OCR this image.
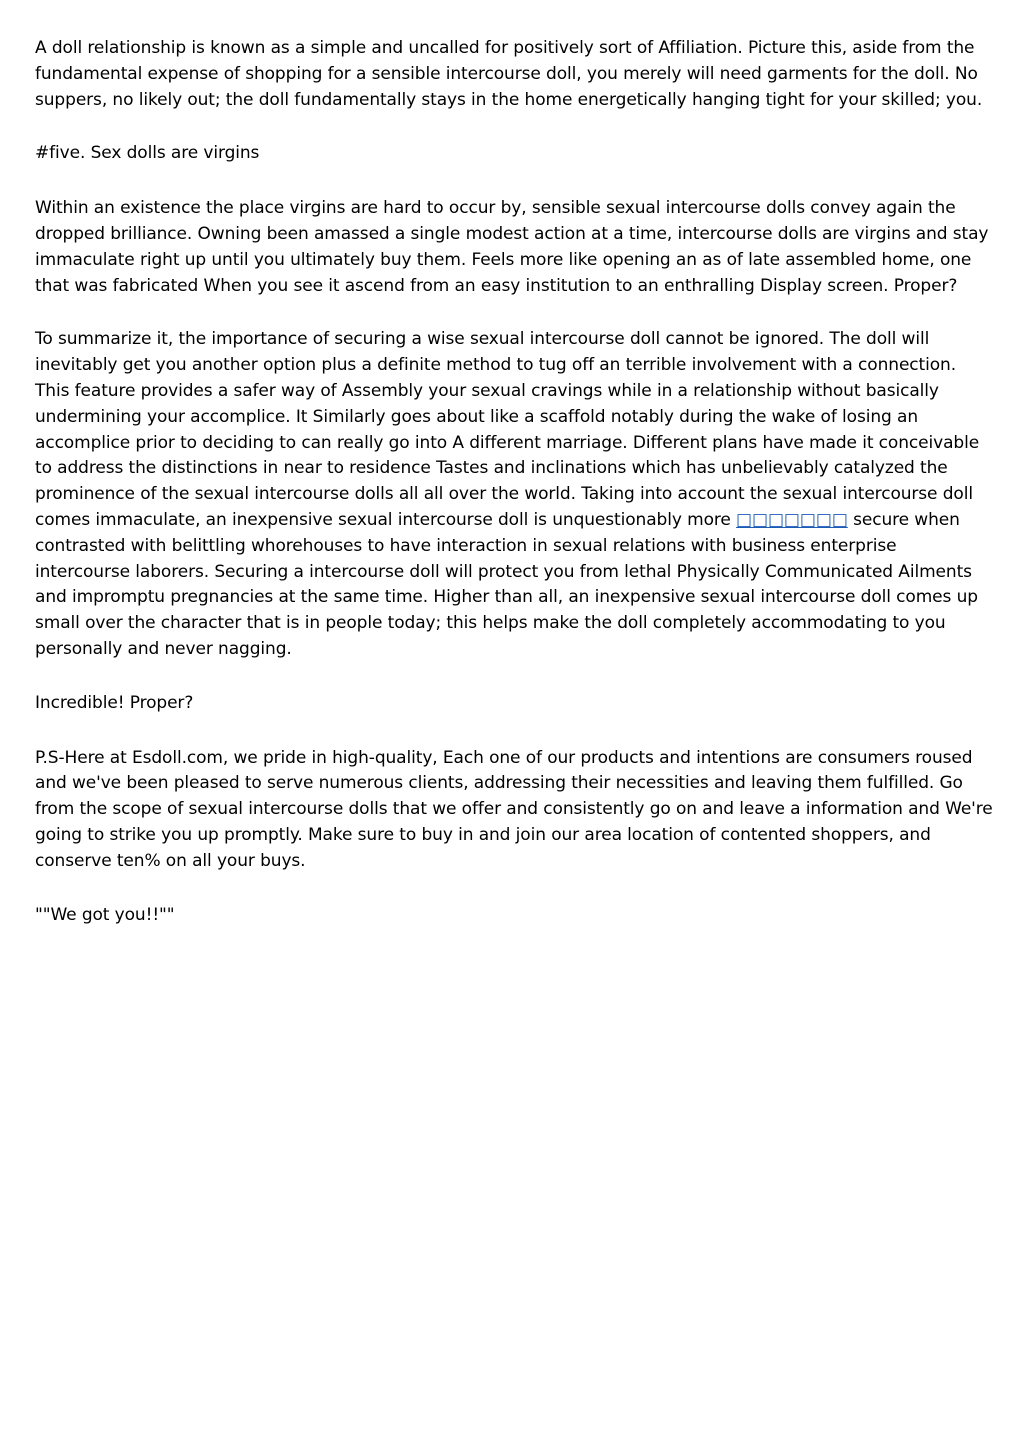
A doll relationship is known as a simple and uncalled for positively sort of Affiliation. Picture this, aside from the fundamental expense of shopping for a sensible intercourse doll, you merely will need garments for the doll. No suppers, no likely out; the doll fundamentally stays in the home energetically hanging tight for your skilled; you.

#five. Sex dolls are virgins

Within an existence the place virgins are hard to occur by, sensible sexual intercourse dolls convey again the dropped brilliance. Owning been amassed a single modest action at a time, intercourse dolls are virgins and stay immaculate right up until you ultimately buy them. Feels more like opening an as of late assembled home, one that was fabricated When you see it ascend from an easy institution to an enthralling Display screen. Proper?

To summarize it, the importance of securing a wise sexual intercourse doll cannot be ignored. The doll will inevitably get you another option plus a definite method to tug off an terrible involvement with a connection. This feature provides a safer way of Assembly your sexual cravings while in a relationship without basically undermining your accomplice. It Similarly goes about like a scaffold notably during the wake of losing an accomplice prior to deciding to can really go into A different marriage. Different plans have made it conceivable to address the distinctions in near to residence Tastes and inclinations which has unbelievably catalyzed the prominence of the sexual intercourse dolls all all over the world. Taking into account the sexual intercourse doll comes immaculate, an inexpensive sexual intercourse doll is unquestionably more □□□□□□□ secure when contrasted with belittling whorehouses to have interaction in sexual relations with business enterprise intercourse laborers. Securing a intercourse doll will protect you from lethal Physically Communicated Ailments and impromptu pregnancies at the same time. Higher than all, an inexpensive sexual intercourse doll comes up small over the character that is in people today; this helps make the doll completely accommodating to you personally and never nagging.

Incredible! Proper?

P.S-Here at Esdoll.com, we pride in high-quality, Each one of our products and intentions are consumers roused and we've been pleased to serve numerous clients, addressing their necessities and leaving them fulfilled. Go from the scope of sexual intercourse dolls that we offer and consistently go on and leave a information and We're going to strike you up promptly. Make sure to buy in and join our area location of contented shoppers, and conserve ten% on all your buys.

""We got you!!""
